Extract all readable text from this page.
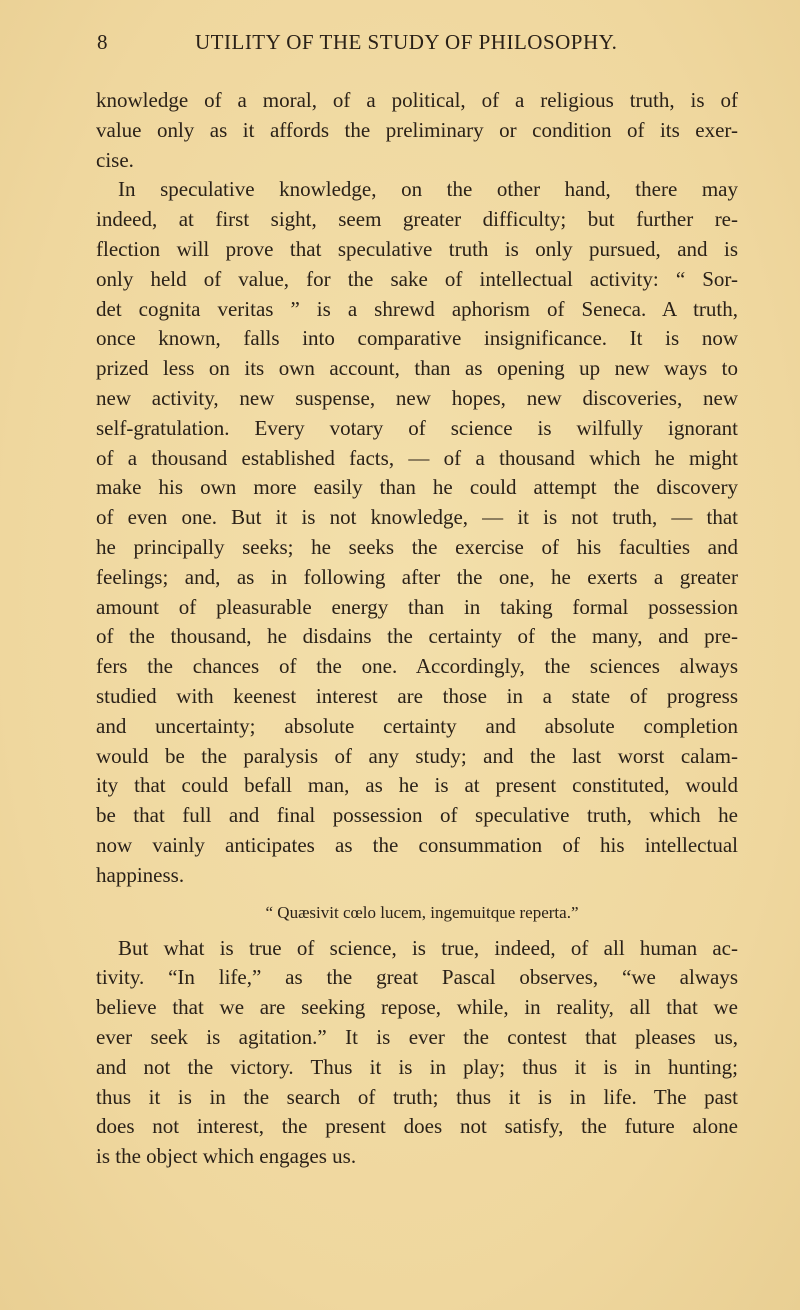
8	UTILITY OF THE STUDY OF PHILOSOPHY.
knowledge of a moral, of a political, of a religious truth, is of
value only as it affords the preliminary or condition of its exer-
cise.
In speculative knowledge, on the other hand, there may
indeed, at first sight, seem greater difficulty; but further re-
flection will prove that speculative truth is only pursued, and is
only held of value, for the sake of intellectual activity: “ Sor-
det cognita veritas ” is a shrewd aphorism of Seneca. A truth,
once known, falls into comparative insignificance. It is now
prized less on its own account, than as opening up new ways to
new activity, new suspense, new hopes, new discoveries, new
self-gratulation. Every votary of science is wilfully ignorant
of a thousand established facts, — of a thousand which he might
make his own more easily than he could attempt the discovery
of even one. But it is not knowledge, — it is not truth, — that
he principally seeks; he seeks the exercise of his faculties and
feelings; and, as in following after the one, he exerts a greater
amount of pleasurable energy than in taking formal possession
of the thousand, he disdains the certainty of the many, and pre-
fers the chances of the one. Accordingly, the sciences always
studied with keenest interest are those in a state of progress
and uncertainty; absolute certainty and absolute completion
would be the paralysis of any study; and the last worst calam-
ity that could befall man, as he is at present constituted, would
be that full and final possession of speculative truth, which he
now vainly anticipates as the consummation of his intellectual
happiness.
“ Quæsivit cœlo lucem, ingemuitque reperta.”
But what is true of science, is true, indeed, of all human ac-
tivity. “In life,” as the great Pascal observes, “we always
believe that we are seeking repose, while, in reality, all that we
ever seek is agitation.” It is ever the contest that pleases us,
and not the victory. Thus it is in play; thus it is in hunting;
thus it is in the search of truth; thus it is in life. The past
does not interest, the present does not satisfy, the future alone
is the object which engages us.
